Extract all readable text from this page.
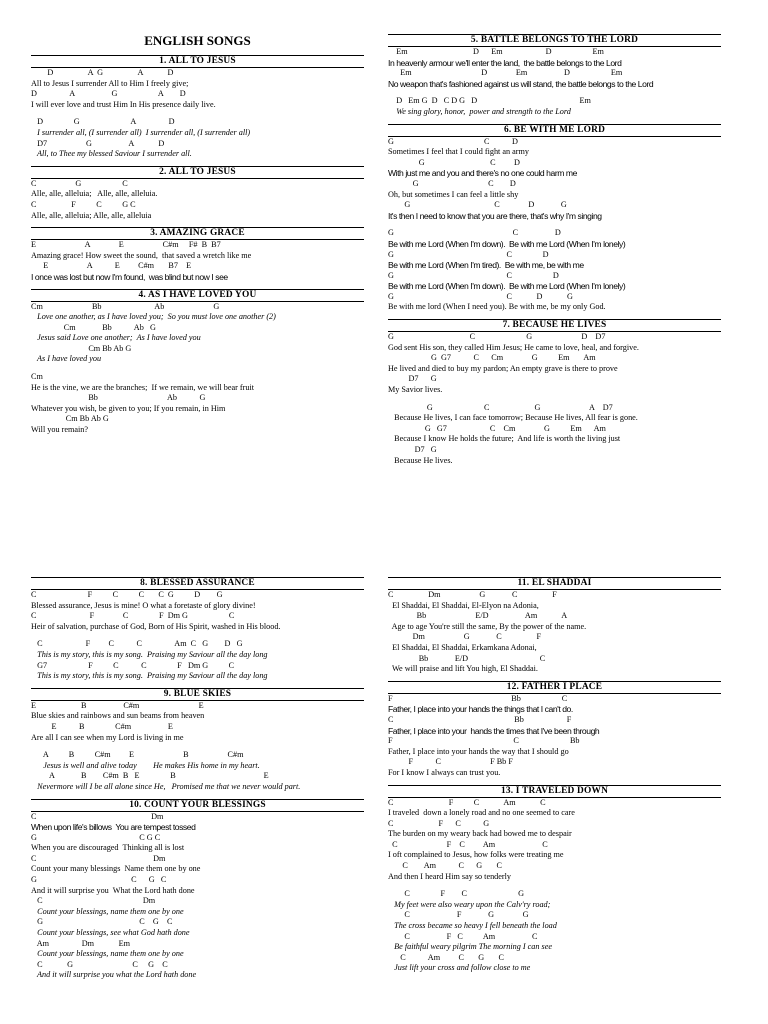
ENGLISH SONGS
1. ALL TO JESUS
D                 A  G                 A            D
All to Jesus I surrender All to Him I freely give;
D                A                  G                    A        D
I will ever love and trust Him In His presence daily live.
D               G                         A                D
I surrender all, (I surrender all)  I surrender all, (I surrender all)
D7                   G                  A            D
All, to Thee my blessed Saviour I surrender all.
2. ALL TO JESUS
C                   G                    C
Alle, alle, alleluia;   Alle, alle, alleluia.
C                 F          C          G C
Alle, alle, alleluia; Alle, alle, alleluia
3. AMAZING GRACE
E                        A              E                   C#m     F#  B  B7
Amazing grace! How sweet the sound,  that saved a wretch like me
E                   A           E         C#m       B7    E
I once was lost but now I'm found,  was blind but now I see
4. AS I HAVE LOVED YOU
Cm                        Bb                          Ab                        G
Love one another, as I have loved you;  So you must love one another (2)
Cm             Bb           Ab   G
Jesus said Love one another;  As I have loved you
Cm Bb Ab G
As I have loved you
Cm
He is the vine, we are the branches;  If we remain, we will bear fruit
Bb                                  Ab           G
Whatever you wish, be given to you; If you remain, in Him
Cm Bb Ab G
Will you remain?
5. BATTLE BELONGS TO THE LORD
Em                                D      Em                     D                    Em
In heavenly armour we'll enter the land,  the battle belongs to the Lord
Em                                  D              Em                  D                    Em
No weapon that's fashioned against us will stand, the battle belongs to the Lord
D   Em G  D   C D G   D                                                  Em
We sing glory, honor,  power and strength to the Lord
6. BE WITH ME LORD
G                                            C           D
Sometimes I feel that I could fight an army
G                                C         D
With just me and you and there's no one could harm me
G                                  C        D
Oh, but sometimes I can feel a little shy
G                                         C              D             G
It's then I need to know that you are there, that's why I'm singing
G                                                          C                  D
Be with me Lord (When I'm down).  Be with me Lord (When I'm lonely)
G                                                       C               D
Be with me Lord (When I'm tired).  Be with me, be with me
G                                                       C                    D
Be with me Lord (When I'm down).  Be with me Lord (When I'm lonely)
G                                                       C            D            G
Be with me lord (When I need you). Be with me, be my only God.
7. BECAUSE HE LIVES
G                                     C                         G                        D    D7
God sent His son, they called Him Jesus; He came to love, heal, and forgive.
G  G7           C      Cm              G          Em       Am
He lived and died to buy my pardon; An empty grave is there to prove
D7      G
My Savior lives.
G                         C                      G                        A    D7
Because He lives, I can face tomorrow; Because He lives, All fear is gone.
G   G7                     C    Cm              G          Em      Am
Because I know He holds the future;  And life is worth the living just
D7   G
Because He lives.
8. BLESSED ASSURANCE
C                         F          C          C       C  G          D        G
Blessed assurance, Jesus is mine! O what a foretaste of glory divine!
C                          F              C               F  Dm G                    C
Heir of salvation, purchase of God, Born of His Spirit, washed in His blood.
C                     F         C           C                Am  C   G        D   G
This is my story, this is my song.  Praising my Saviour all the day long
G7                    F          C           C               F   Dm G          C
This is my story, this is my song.  Praising my Saviour all the day long
9. BLUE SKIES
E                      B                  C#m                             E
Blue skies and rainbows and sun beams from heaven
E           B               C#m                  E
Are all I can see when my Lord is living in me
A          B          C#m         E                        B                   C#m
Jesus is well and alive today        He makes His home in my heart.
A             B        C#m  B   E               B                                           E
Nevermore will I be all alone since He,   Promised me that we never would part.
10. COUNT YOUR BLESSINGS
C                                                        Dm
When upon life's billows  You are tempest tossed
G                                                  C G C
When you are discouraged  Thinking all is lost
C                                                         Dm
Count your many blessings  Name them one by one
G                                              C      G   C
And it will surprise you  What the Lord hath done
C                                                 Dm
Count your blessings, name them one by one
G                                               C    G    C
Count your blessings, see what God hath done
Am                Dm            Em
Count your blessings, name them one by one
C            G                             C     G    C
And it will surprise you what the Lord hath done
11. EL SHADDAI
C                 Dm                   G             C                 F
El Shaddai, El Shaddai, El-Elyon na Adonia,
Bb                        E/D                  Am            A
Age to age You're still the same, By the power of the name.
Dm                   G             C                 F
El Shaddai, El Shaddai, Erkamkana Adonai,
Bb             E/D                                   C
We will praise and lift You high, El Shaddai.
12. FATHER I PLACE
F                                                          Bb                    C
Father, I place into your hands the things that I can't do.
C                                                           Bb                     F
Father, I place into your  hands the times that I've been through
F                                                           C                         Bb
Father, I place into your hands the way that I should go
F           C                        F Bb F
For I know I always can trust you.
13. I TRAVELED DOWN
C                           F          C            Am            C
I traveled  down a lonely road and no one seemed to care
C                      F      C           G
The burden on my weary back had bowed me to despair
C                        F    C         Am                       C
I oft complained to Jesus, how folks were treating me
C        Am           C      G       C
And then I heard Him say so tenderly
C               F        C                         G
My feet were also weary upon the Calv'ry road;
C                       F             G              G
The cross became so heavy I fell beneath the load
C                  F   C          Am                  C
Be faithful weary pilgrim The morning I can see
C           Am         C       G       C
Just lift your cross and follow close to me
